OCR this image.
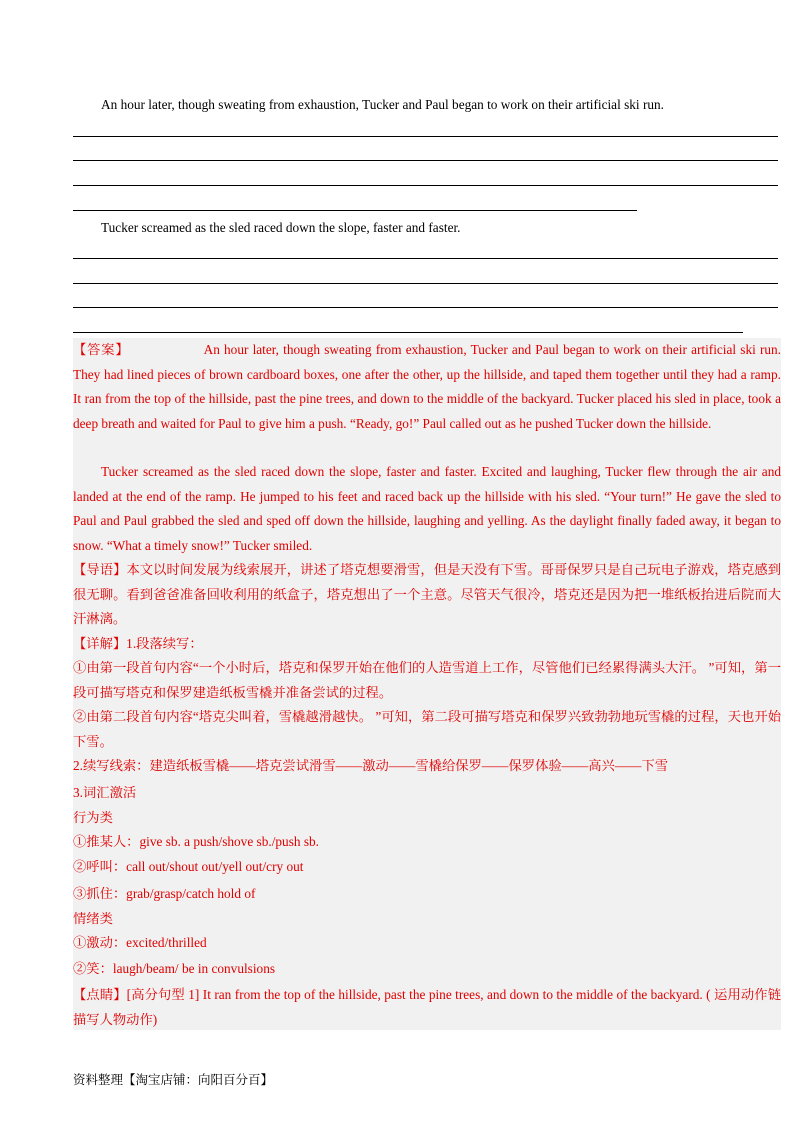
An hour later, though sweating from exhaustion, Tucker and Paul began to work on their artificial ski run.
Tucker screamed as the sled raced down the slope, faster and faster.
【答案】	An hour later, though sweating from exhaustion, Tucker and Paul began to work on their artificial ski run. They had lined pieces of brown cardboard boxes, one after the other, up the hillside, and taped them together until they had a ramp. It ran from the top of the hillside, past the pine trees, and down to the middle of the backyard. Tucker placed his sled in place, took a deep breath and waited for Paul to give him a push. “Ready, go!” Paul called out as he pushed Tucker down the hillside.
Tucker screamed as the sled raced down the slope, faster and faster. Excited and laughing, Tucker flew through the air and landed at the end of the ramp. He jumped to his feet and raced back up the hillside with his sled. “Your turn!” He gave the sled to Paul and Paul grabbed the sled and sped off down the hillside, laughing and yelling. As the daylight finally faded away, it began to snow. “What a timely snow!” Tucker smiled.
【导语】本文以时间发展为线索展开，讲述了塔克想要滑雪，但是天没有下雪。哥哥保罗只是自己玩电子游戏，塔克感到很无聊。看到爸爸准备回收利用的纸盒子，塔克想出了一个主意。尽管天气很冷，塔克还是因为把一堆纸板抬进后院而大汗淋漓。
【详解】1.段落续写：
①由第一段首句内容“一个小时后，塔克和保罗开始在他们的人造雪道上工作，尽管他们已经累得满头大汗。 ”可知，第一段可描写塔克和保罗建造纸板雪橇并准备尝试的过程。
②由第二段首句内容“塔克尖叫着，雪橇越滑越快。 ”可知，第二段可描写塔克和保罗兴致勃勃地玩雪橇的过程，天也开始下雪。
2.续写线索：建造纸板雪橇——塔克尝试滑雪——激动——雪橇给保罗——保罗体验——高兴——下雪
3.词汇激活
行为类
①推某人：give sb. a push/shove sb./push sb.
②呼叫：call out/shout out/yell out/cry out
③抓住：grab/grasp/catch hold of
情绪类
①激动：excited/thrilled
②笑：laugh/beam/ be in convulsions
【点睛】[高分句型 1] It ran from the top of the hillside, past the pine trees, and down to the middle of the backyard. ( 运用动作链描写人物动作)
资料整理【淘宝店铺：向阳百分百】
